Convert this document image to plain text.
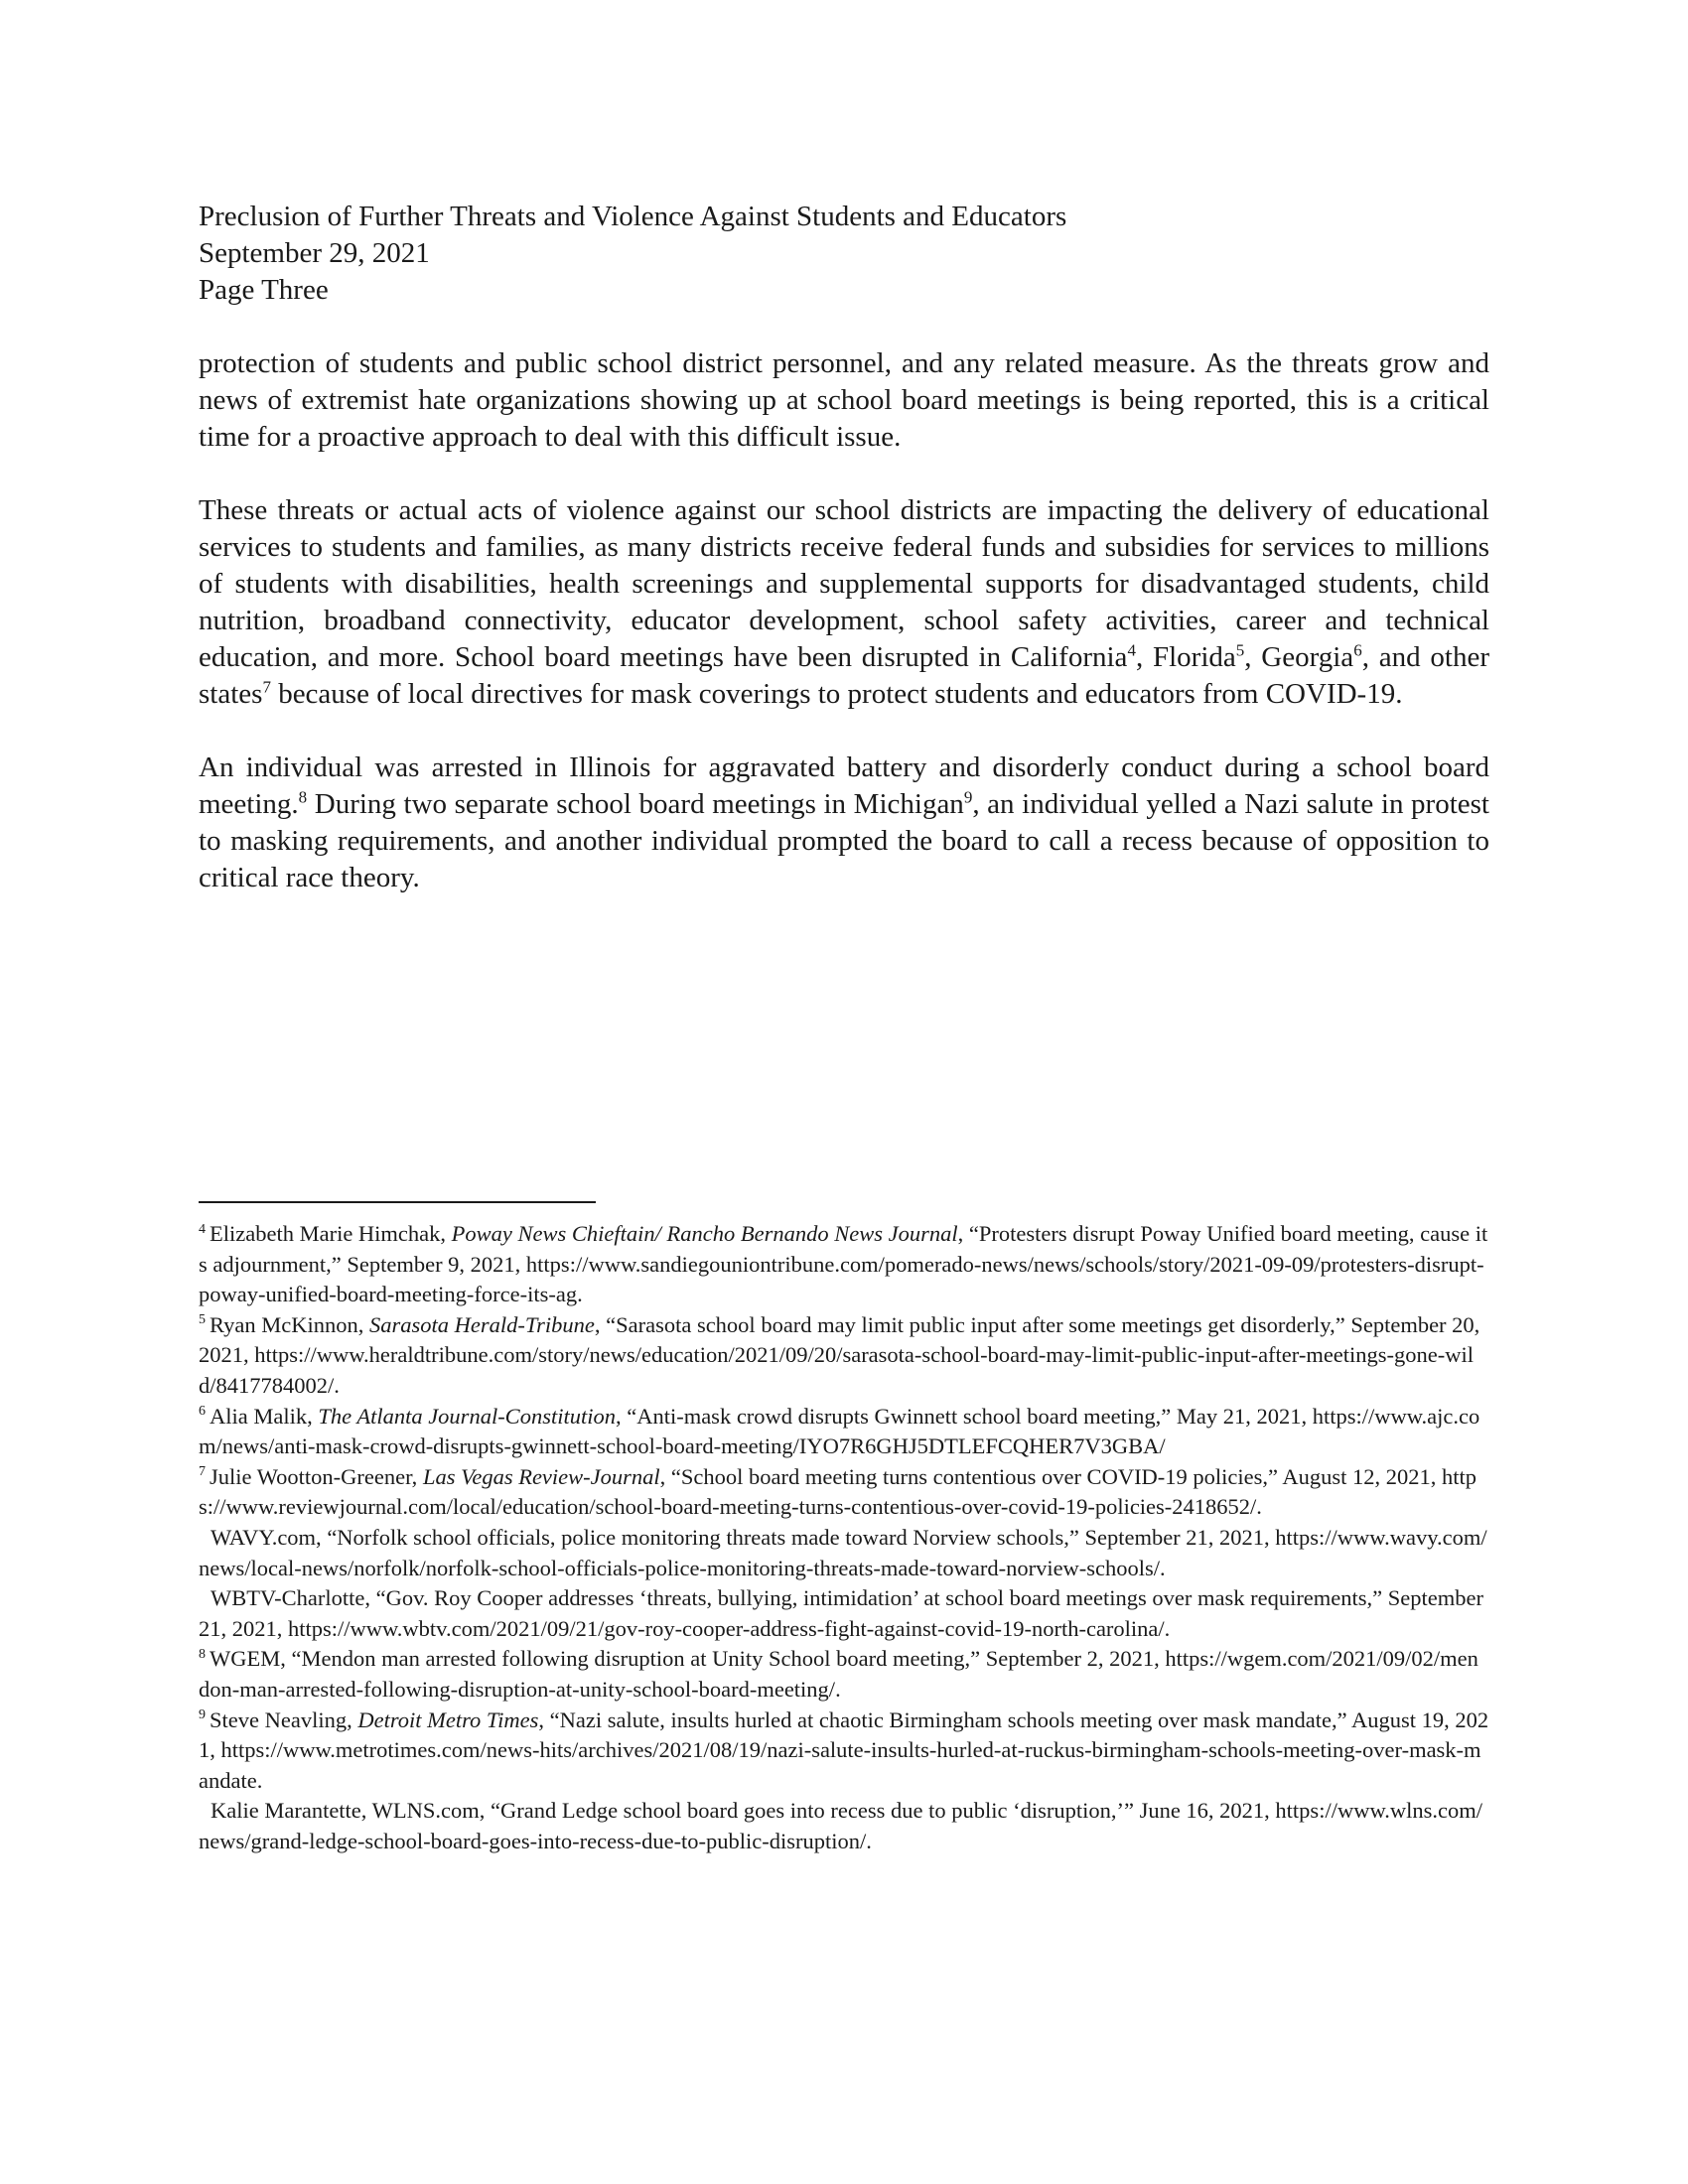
Preclusion of Further Threats and Violence Against Students and Educators
September 29, 2021
Page Three

protection of students and public school district personnel, and any related measure. As the threats grow and news of extremist hate organizations showing up at school board meetings is being reported, this is a critical time for a proactive approach to deal with this difficult issue.

These threats or actual acts of violence against our school districts are impacting the delivery of educational services to students and families, as many districts receive federal funds and subsidies for services to millions of students with disabilities, health screenings and supplemental supports for disadvantaged students, child nutrition, broadband connectivity, educator development, school safety activities, career and technical education, and more. School board meetings have been disrupted in California$^4$, Florida$^5$, Georgia$^6$, and other states$^7$ because of local directives for mask coverings to protect students and educators from COVID-19.

An individual was arrested in Illinois for aggravated battery and disorderly conduct during a school board meeting.$^8$ During two separate school board meetings in Michigan$^9$, an individual yelled a Nazi salute in protest to masking requirements, and another individual prompted the board to call a recess because of opposition to critical race theory.

$^4$ Elizabeth Marie Himchak, Poway News Chieftain/ Rancho Bernando News Journal, “Protesters disrupt Poway Unified board meeting, cause its adjournment,” September 9, 2021, https://www.sandiegouniontribune.com/pomerado-news/news/schools/story/2021-09-09/protesters-disrupt-poway-unified-board-meeting-force-its-ag.

$^5$ Ryan McKinnon, Sarasota Herald-Tribune, “Sarasota school board may limit public input after some meetings get disorderly,” September 20, 2021, https://www.heraldtribune.com/story/news/education/2021/09/20/sarasota-school-board-may-limit-public-input-after-meetings-gone-wild/8417784002/.

$^6$ Alia Malik, The Atlanta Journal-Constitution, “Anti-mask crowd disrupts Gwinnett school board meeting,” May 21, 2021, https://www.ajc.com/news/anti-mask-crowd-disrupts-gwinnett-school-board-meeting/IYO7R6GHJ5DTLEFCQHER7V3GBA/

$^7$ Julie Wootton-Greener, Las Vegas Review-Journal, “School board meeting turns contentious over COVID-19 policies,” August 12, 2021, https://www.reviewjournal.com/local/education/school-board-meeting-turns-contentious-over-covid-19-policies-2418652/.

WAVY.com, “Norfolk school officials, police monitoring threats made toward Norview schools,” September 21, 2021, https://www.wavy.com/news/local-news/norfolk/norfolk-school-officials-police-monitoring-threats-made-toward-norview-schools/.

WBTV-Charlotte, “Gov. Roy Cooper addresses ‘threats, bullying, intimidation’ at school board meetings over mask requirements,” September 21, 2021, https://www.wbtv.com/2021/09/21/gov-roy-cooper-address-fight-against-covid-19-north-carolina/.

$^8$ WGEM, “Mendon man arrested following disruption at Unity School board meeting,” September 2, 2021, https://wgem.com/2021/09/02/mendon-man-arrested-following-disruption-at-unity-school-board-meeting/.

$^9$ Steve Neavling, Detroit Metro Times, “Nazi salute, insults hurled at chaotic Birmingham schools meeting over mask mandate,” August 19, 2021, https://www.metrotimes.com/news-hits/archives/2021/08/19/nazi-salute-insults-hurled-at-ruckus-birmingham-schools-meeting-over-mask-mandate.

Kalie Marantette, WLNS.com, “Grand Ledge school board goes into recess due to public ‘disruption,’” June 16, 2021, https://www.wlns.com/news/grand-ledge-school-board-goes-into-recess-due-to-public-disruption/.
